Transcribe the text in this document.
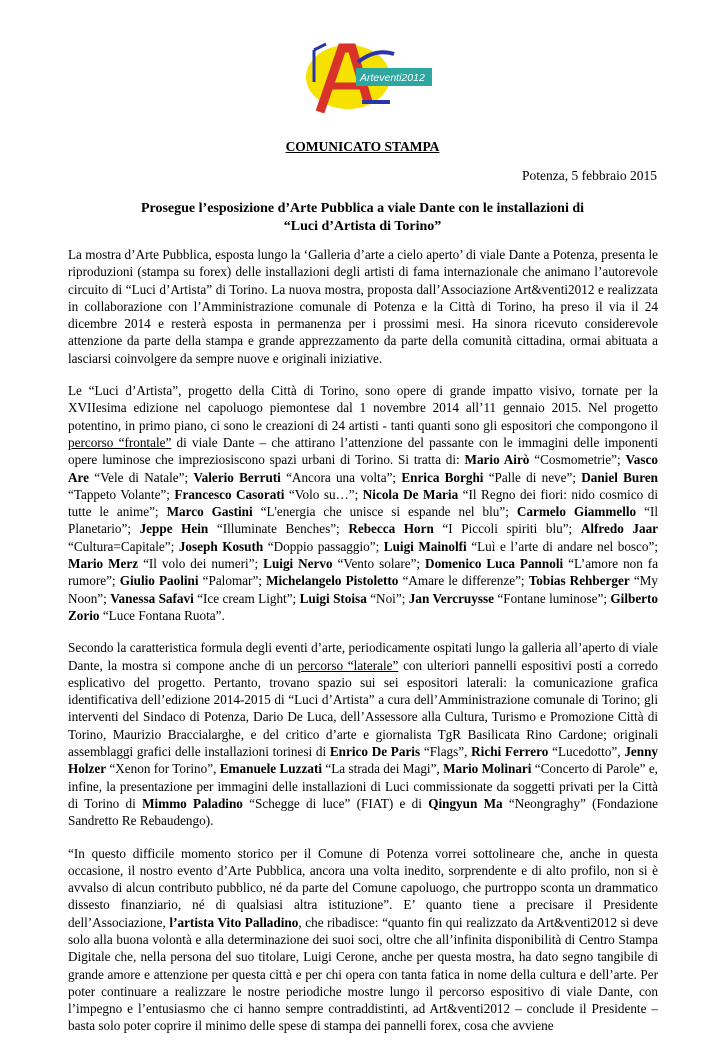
Arteventi2012
COMUNICATO STAMPA
Potenza, 5 febbraio 2015
Prosegue l’esposizione d’Arte Pubblica a viale Dante con le installazioni di
“Luci d’Artista di Torino”

La mostra d’Arte Pubblica, esposta lungo la ‘Galleria d’arte a cielo aperto’ di viale Dante a Potenza, presenta le riproduzioni (stampa su forex) delle installazioni degli artisti di fama internazionale che animano l’autorevole circuito di “Luci d’Artista” di Torino. La nuova mostra, proposta dall’Associazione Art&venti2012 e realizzata in collaborazione con l’Amministrazione comunale di Potenza e la Città di Torino, ha preso il via il 24 dicembre 2014 e resterà esposta in permanenza per i prossimi mesi. Ha sinora ricevuto considerevole attenzione da parte della stampa e grande apprezzamento da parte della comunità cittadina, ormai abituata a lasciarsi coinvolgere da sempre nuove e originali iniziative.

Le “Luci d’Artista”, progetto della Città di Torino, sono opere di grande impatto visivo, tornate per la XVIIesima edizione nel capoluogo piemontese dal 1 novembre 2014 all’11 gennaio 2015. Nel progetto potentino, in primo piano, ci sono le creazioni di 24 artisti - tanti quanti sono gli espositori che compongono il percorso “frontale” di viale Dante – che attirano l’attenzione del passante con le immagini delle imponenti opere luminose che impreziosiscono spazi urbani di Torino. Si tratta di: Mario Airò “Cosmometrie”; Vasco Are “Vele di Natale”; Valerio Berruti “Ancora una volta”; Enrica Borghi “Palle di neve”; Daniel Buren “Tappeto Volante”; Francesco Casorati “Volo su…”; Nicola De Maria “Il Regno dei fiori: nido cosmico di tutte le anime”; Marco Gastini “L'energia che unisce si espande nel blu”; Carmelo Giammello “Il Planetario”; Jeppe Hein “Illuminate Benches”; Rebecca Horn “I Piccoli spiriti blu”; Alfredo Jaar “Cultura=Capitale”; Joseph Kosuth “Doppio passaggio”; Luigi Mainolfi “Luì e l’arte di andare nel bosco”; Mario Merz “Il volo dei numeri”; Luigi Nervo “Vento solare”; Domenico Luca Pannoli “L’amore non fa rumore”; Giulio Paolini “Palomar”; Michelangelo Pistoletto “Amare le differenze”; Tobias Rehberger “My Noon”; Vanessa Safavi “Ice cream Light”; Luigi Stoisa “Noi”; Jan Vercruysse “Fontane luminose”; Gilberto Zorio “Luce Fontana Ruota”.

Secondo la caratteristica formula degli eventi d’arte, periodicamente ospitati lungo la galleria all’aperto di viale Dante, la mostra si compone anche di un percorso “laterale” con ulteriori pannelli espositivi posti a corredo esplicativo del progetto. Pertanto, trovano spazio sui sei espositori laterali: la comunicazione grafica identificativa dell’edizione 2014-2015 di “Luci d’Artista” a cura dell’Amministrazione comunale di Torino; gli interventi del Sindaco di Potenza, Dario De Luca, dell’Assessore alla Cultura, Turismo e Promozione Città di Torino, Maurizio Braccialarghe, e del critico d’arte e giornalista TgR Basilicata Rino Cardone; originali assemblaggi grafici delle installazioni torinesi di Enrico De Paris “Flags”, Richi Ferrero “Lucedotto”, Jenny Holzer “Xenon for Torino”, Emanuele Luzzati “La strada dei Magi”, Mario Molinari “Concerto di Parole” e, infine, la presentazione per immagini delle installazioni di Luci commissionate da soggetti privati per la Città di Torino di Mimmo Paladino “Schegge di luce” (FIAT) e di Qingyun Ma “Neongraghy” (Fondazione Sandretto Re Rebaudengo).

“In questo difficile momento storico per il Comune di Potenza vorrei sottolineare che, anche in questa occasione, il nostro evento d’Arte Pubblica, ancora una volta inedito, sorprendente e di alto profilo, non si è avvalso di alcun contributo pubblico, né da parte del Comune capoluogo, che purtroppo sconta un drammatico dissesto finanziario, né di qualsiasi altra istituzione”. E’ quanto tiene a precisare il Presidente dell’Associazione, l’artista Vito Palladino, che ribadisce: “quanto fin qui realizzato da Art&venti2012 si deve solo alla buona volontà e alla determinazione dei suoi soci, oltre che all’infinita disponibilità di Centro Stampa Digitale che, nella persona del suo titolare, Luigi Cerone, anche per questa mostra, ha dato segno tangibile di grande amore e attenzione per questa città e per chi opera con tanta fatica in nome della cultura e dell’arte. Per poter continuare a realizzare le nostre periodiche mostre lungo il percorso espositivo di viale Dante, con l’impegno e l’entusiasmo che ci hanno sempre contraddistinti, ad Art&venti2012 – conclude il Presidente – basta solo poter coprire il minimo delle spese di stampa dei pannelli forex, cosa che avviene
